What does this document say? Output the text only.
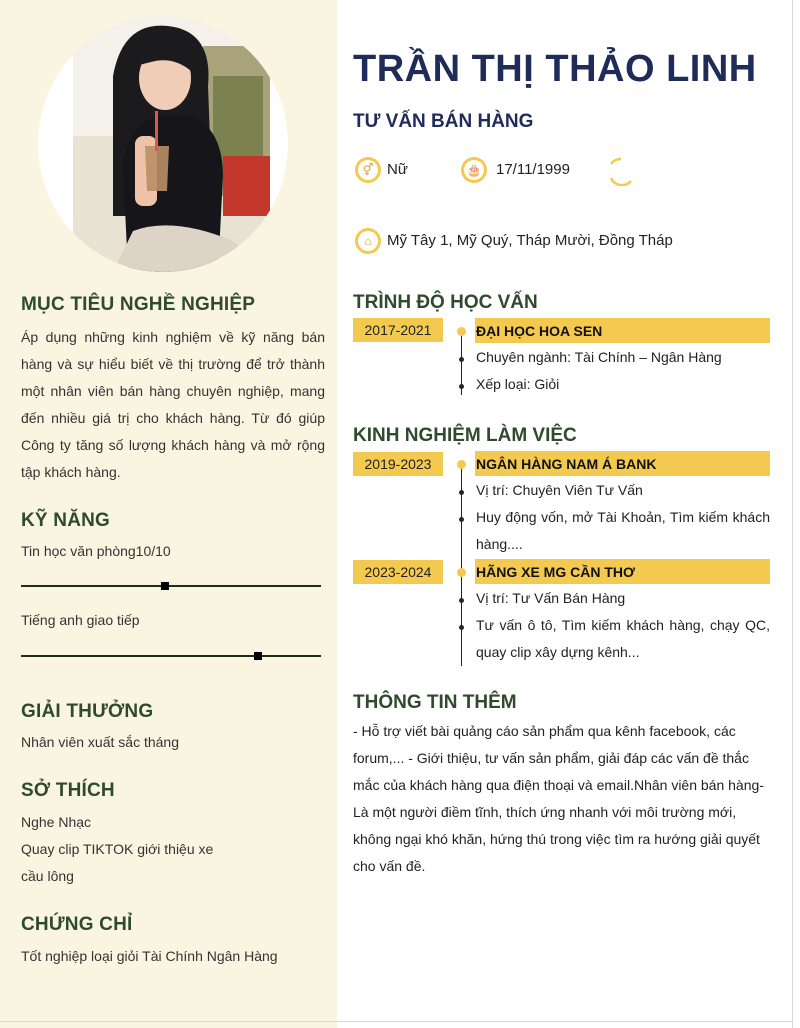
MỤC TIÊU NGHỀ NGHIỆP
Áp dụng những kinh nghiệm về kỹ năng bán hàng và sự hiểu biết về thị trường để trở thành một nhân viên bán hàng chuyên nghiệp, mang đến nhiều giá trị cho khách hàng. Từ đó giúp Công ty tăng số lượng khách hàng và mở rộng tập khách hàng.
KỸ NĂNG
Tin học văn phòng10/10
Tiếng anh giao tiếp
GIẢI THƯỞNG
Nhân viên xuất sắc tháng
SỞ THÍCH
Nghe Nhạc
Quay clip TIKTOK giới thiệu xe
cầu lông
CHỨNG CHỈ
Tốt nghiệp loại giỏi Tài Chính Ngân Hàng
TRẦN THỊ THẢO LINH
TƯ VẤN BÁN HÀNG
⚥ Nữ	🎂 17/11/1999
⌂	Mỹ Tây 1, Mỹ Quý, Tháp Mười, Đồng Tháp
TRÌNH ĐỘ HỌC VẤN
2017-2021	ĐẠI HỌC HOA SEN
Chuyên ngành: Tài Chính – Ngân Hàng
Xếp loại: Giỏi
KINH NGHIỆM LÀM VIỆC
2019-2023	NGÂN HÀNG NAM Á BANK
Vị trí: Chuyên Viên Tư Vấn
Huy động vốn, mở Tài Khoản, Tìm kiếm khách hàng....
2023-2024	HÃNG XE MG CẦN THƠ
Vị trí: Tư Vấn Bán Hàng
Tư vấn ô tô, Tìm kiếm khách hàng, chạy QC, quay clip xây dựng kênh...
THÔNG TIN THÊM
- Hỗ trợ viết bài quảng cáo sản phẩm qua kênh facebook, các forum,... - Giới thiệu, tư vấn sản phẩm, giải đáp các vấn đề thắc mắc của khách hàng qua điện thoại và email.Nhân viên bán hàng- Là một người điềm tĩnh, thích ứng nhanh với môi trường mới, không ngại khó khăn, hứng thú trong việc tìm ra hướng giải quyết cho vấn đề.
